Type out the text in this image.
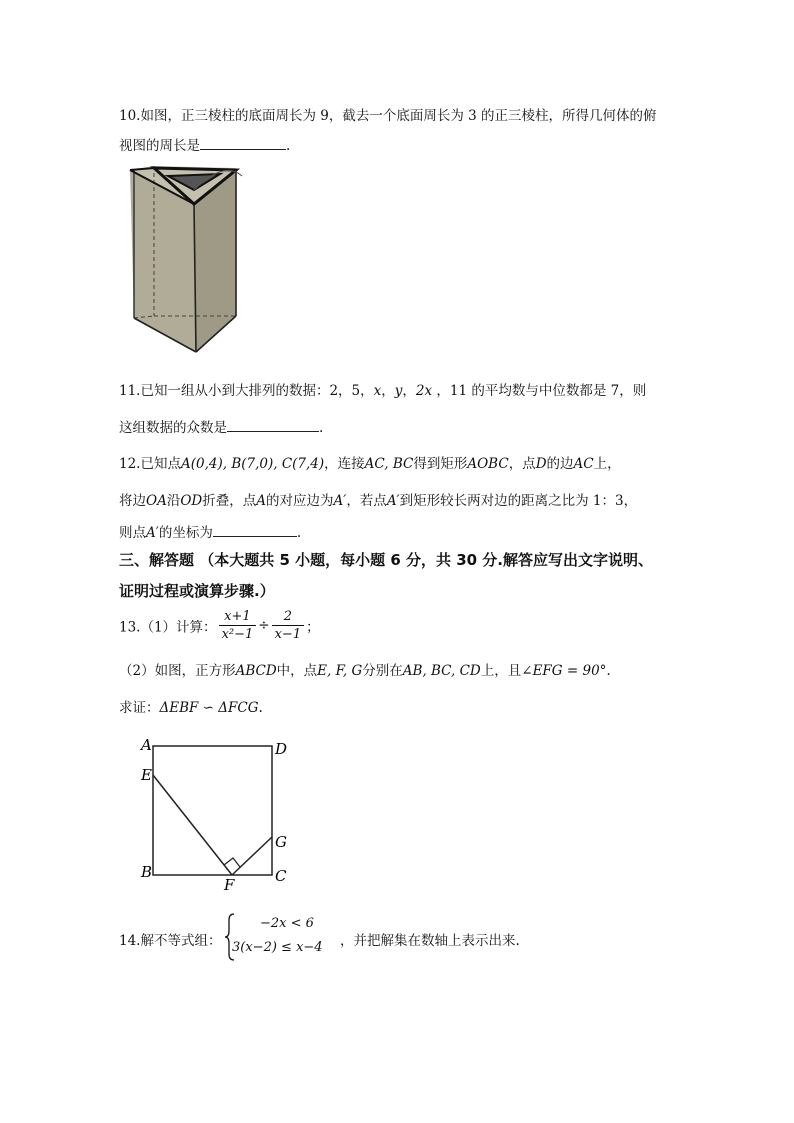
10.如图，正三棱柱的底面周长为 9，截去一个底面周长为 3 的正三棱柱，所得几何体的俯
视图的周长是	.
11.已知一组从小到大排列的数据：2，5，x，y，2x ，11 的平均数与中位数都是 7，则
这组数据的众数是	.
12.已知点A(0,4), B(7,0), C(7,4)，连接AC, BC得到矩形AOBC，点D的边AC上，
将边OA沿OD折叠，点A的对应边为A′，若点A′到矩形较长两对边的距离之比为 1：3，
则点A′的坐标为	.
三、解答题 （本大题共 5 小题，每小题 6 分，共 30 分.解答应写出文字说明、
证明过程或演算步骤.）
13.（1）计算： $\frac{x+1}{\text{x²−1}} \div \frac{2}{x-1}$ ；
（2）如图，正方形ABCD中，点E, F, G分别在AB, BC, CD上，且∠EFG = 90°.
求证：ΔEBF ∽ ΔFCG.
A	D
E
G
B
F	C
14.解不等式组：
−2x < 6
3(x−2) ≤ x−4 ，并把解集在数轴上表示出来.
